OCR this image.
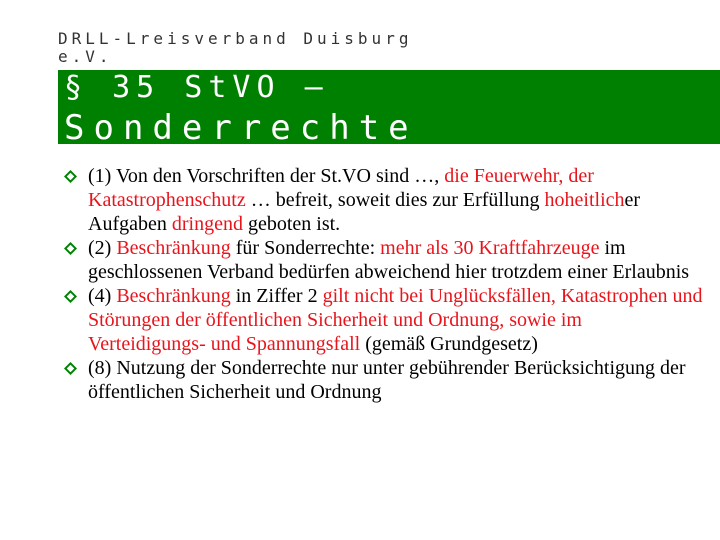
DRLL-Lreisverband Duisburg
e.V.
§ 35 StVO –
Sonderrechte
(1) Von den Vorschriften der St.VO sind …, die Feuerwehr, der Katastrophenschutz … befreit, soweit dies zur Erfüllung hoheitlicher Aufgaben dringend geboten ist.
(2) Beschränkung für Sonderrechte: mehr als 30 Kraftfahrzeuge im geschlossenen Verband bedürfen abweichend hier trotzdem einer Erlaubnis
(4) Beschränkung in Ziffer 2 gilt nicht bei Unglücksfällen, Katastrophen und Störungen der öffentlichen Sicherheit und Ordnung, sowie im Verteidigungs- und Spannungsfall (gemäß Grundgesetz)
(8) Nutzung der Sonderrechte nur unter gebührender Berücksichtigung der öffentlichen Sicherheit und Ordnung
